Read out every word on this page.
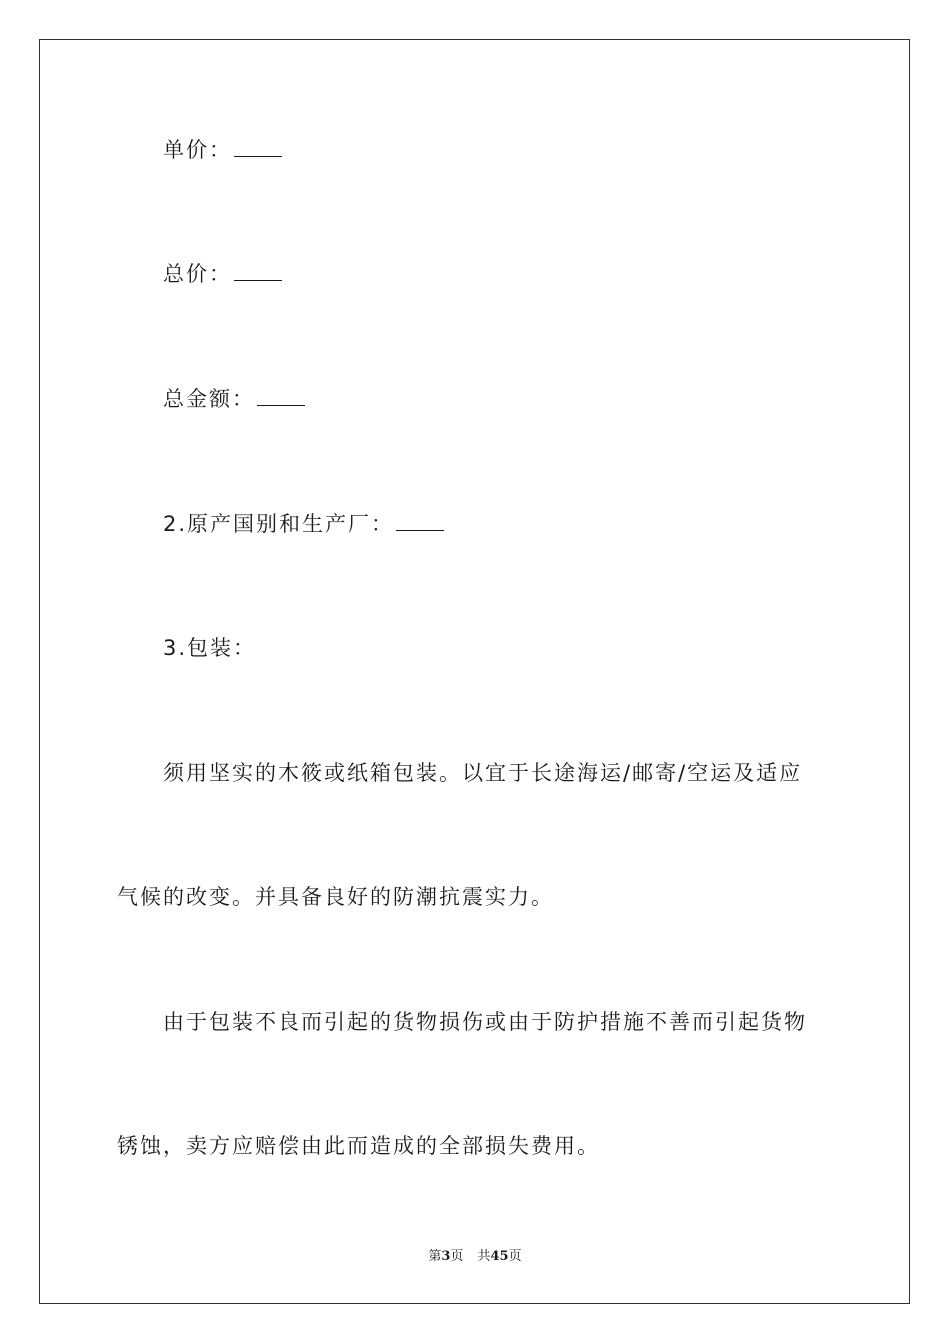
单价：
总价：
总金额：
2.原产国别和生产厂：
3.包装：
须用坚实的木筱或纸箱包装。以宜于长途海运/邮寄/空运及适应
气候的改变。并具备良好的防潮抗震实力。
由于包装不良而引起的货物损伤或由于防护措施不善而引起货物
锈蚀，卖方应赔偿由此而造成的全部损失费用。
第3页 共45页
